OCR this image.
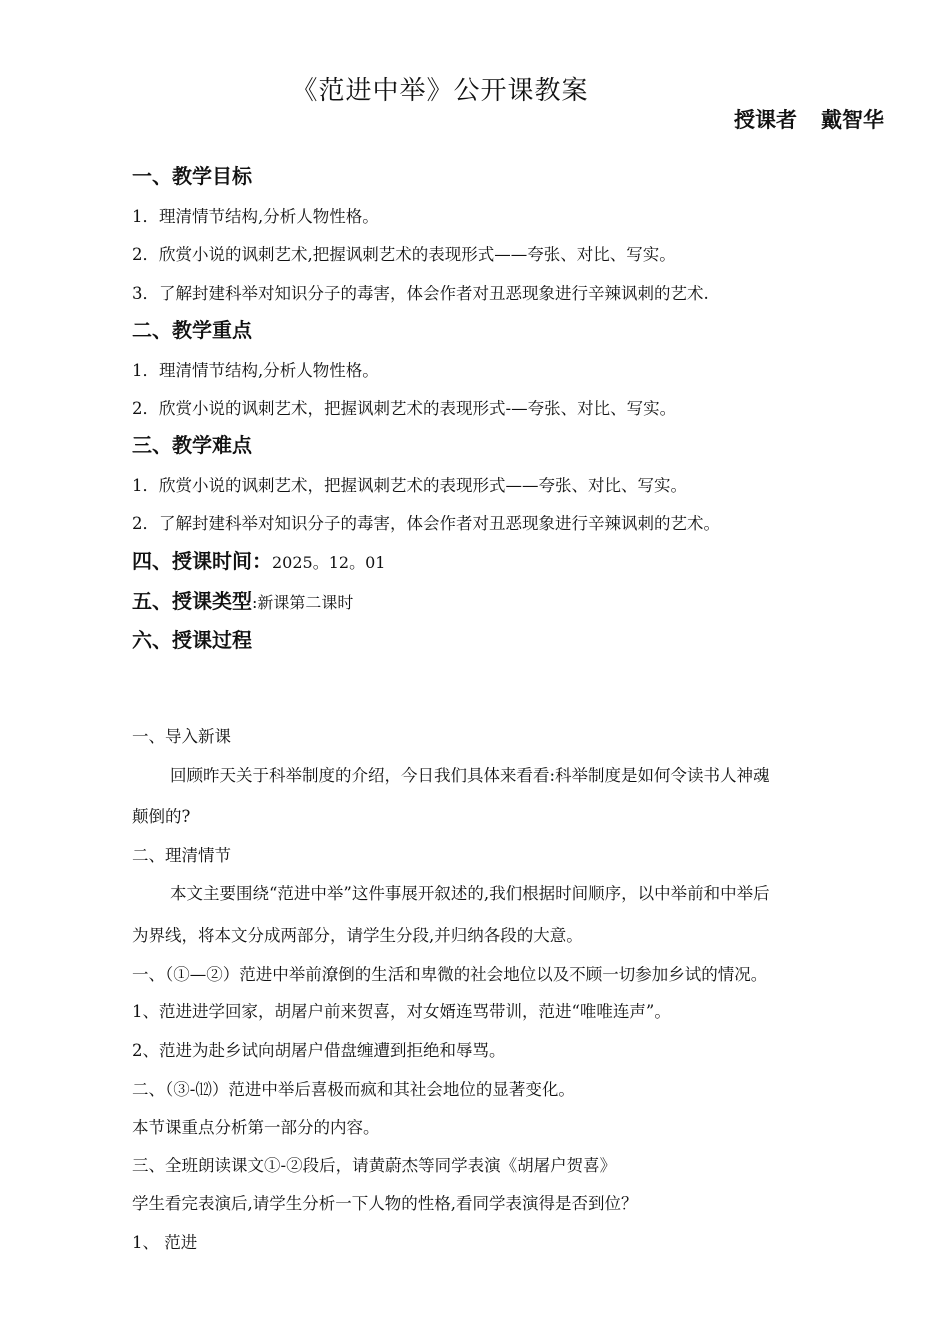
《范进中举》公开课教案
授课者 戴智华
一、教学目标
1．理清情节结构,分析人物性格。
2．欣赏小说的讽刺艺术,把握讽刺艺术的表现形式——夸张、对比、写实。
3．了解封建科举对知识分子的毒害，体会作者对丑恶现象进行辛辣讽刺的艺术.
二、教学重点
1．理清情节结构,分析人物性格。
2．欣赏小说的讽刺艺术，把握讽刺艺术的表现形式-—夸张、对比、写实。
三、教学难点
1．欣赏小说的讽刺艺术，把握讽刺艺术的表现形式——夸张、对比、写实。
2．了解封建科举对知识分子的毒害，体会作者对丑恶现象进行辛辣讽刺的艺术。
四、授课时间：2025。12。01
五、授课类型:新课第二课时
六、授课过程
一、导入新课
回顾昨天关于科举制度的介绍，今日我们具体来看看:科举制度是如何令读书人神魂
颠倒的?
二、理清情节
本文主要围绕“范进中举”这件事展开叙述的,我们根据时间顺序，以中举前和中举后
为界线，将本文分成两部分，请学生分段,并归纳各段的大意。
一、（①—②）范进中举前潦倒的生活和卑微的社会地位以及不顾一切参加乡试的情况。
1、范进进学回家，胡屠户前来贺喜，对女婿连骂带训，范进“唯唯连声”。
2、范进为赴乡试向胡屠户借盘缠遭到拒绝和辱骂。
二、（③-⑿）范进中举后喜极而疯和其社会地位的显著变化。
本节课重点分析第一部分的内容。
三、全班朗读课文①-②段后，请黄蔚杰等同学表演《胡屠户贺喜》
学生看完表演后,请学生分析一下人物的性格,看同学表演得是否到位？
1、 范进
